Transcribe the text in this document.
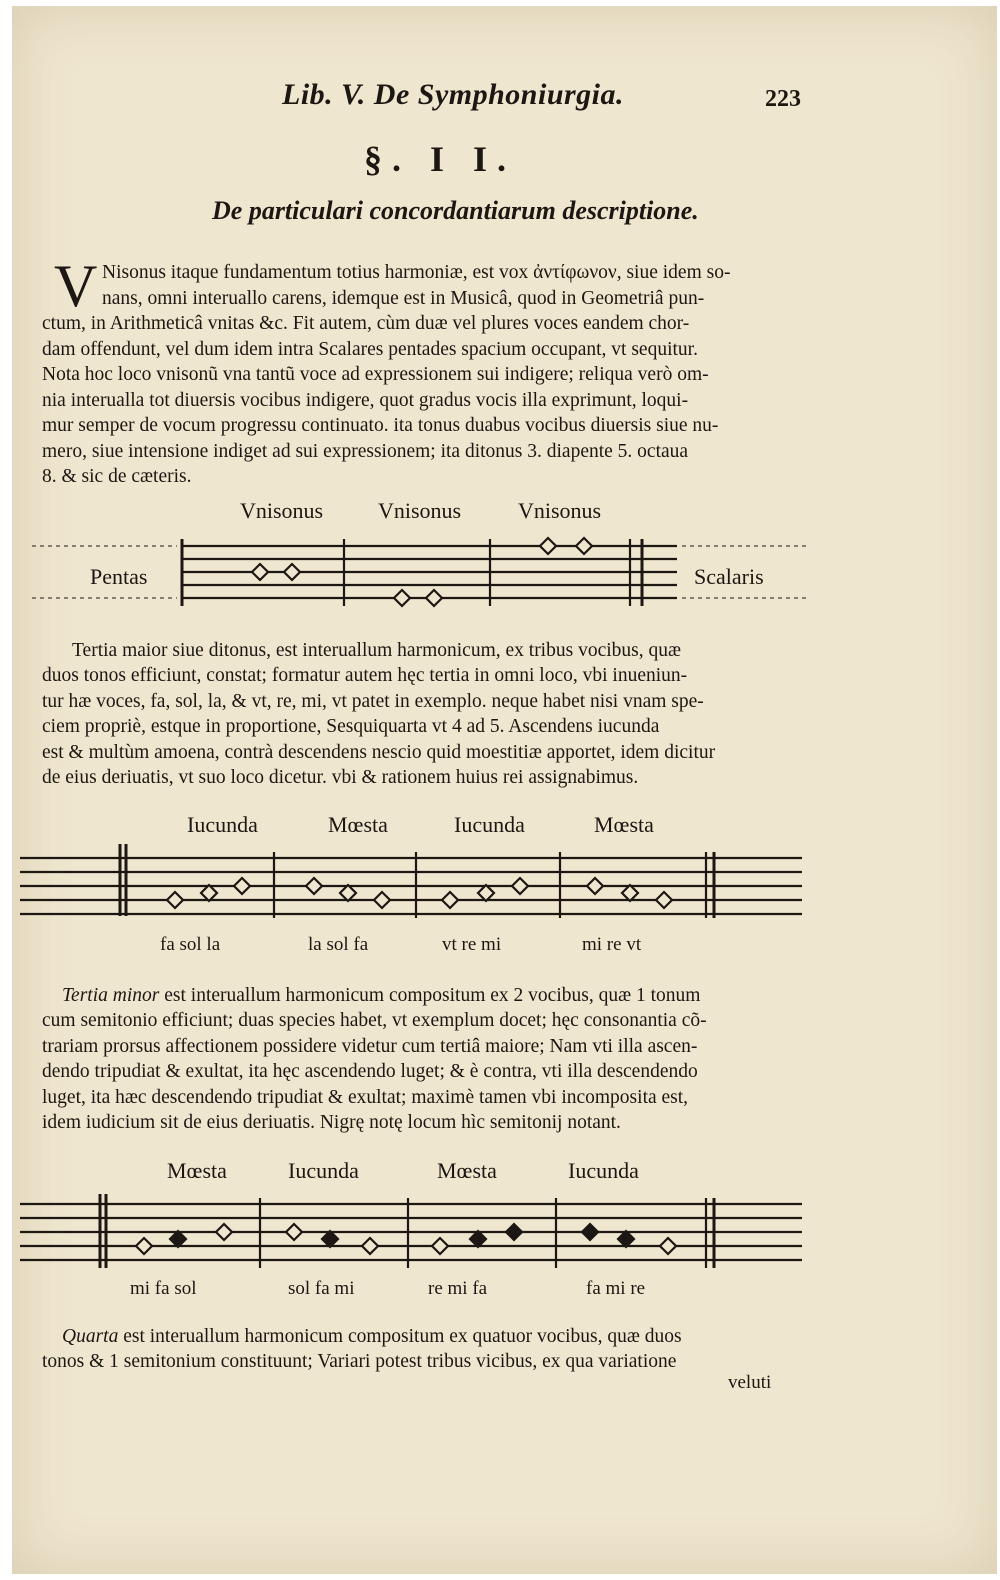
Lib. V. De Symphoniurgia.	223
§. I I.
De particulari concordantiarum descriptione.
V Nisonus itaque fundamentum totius harmoniæ, est vox ἀντίφωνον, siue idem so-
nans, omni interuallo carens, idemque est in Musicâ, quod in Geometriâ pun-
ctum, in Arithmeticâ vnitas &c. Fit autem, cùm duæ vel plures voces eandem chor-
dam offendunt, vel dum idem intra Scalares pentades spacium occupant, vt sequitur.
Nota hoc loco vnisonũ vna tantũ voce ad expressionem sui indigere; reliqua verò om-
nia interualla tot diuersis vocibus indigere, quot gradus vocis illa exprimunt, loqui-
mur semper de vocum progressu continuato. ita tonus duabus vocibus diuersis siue nu-
mero, siue intensione indiget ad sui expressionem; ita ditonus 3. diapente 5. octaua
8. & sic de cæteris.
Vnisonus Vnisonus	Vnisonus
Pentas	Scalaris
Tertia maior siue ditonus, est interuallum harmonicum, ex tribus vocibus, quæ
duos tonos efficiunt, constat; formatur autem hęc tertia in omni loco, vbi inueniun-
tur hæ voces, fa, sol, la, & vt, re, mi, vt patet in exemplo. neque habet nisi vnam spe-
ciem propriè, estque in proportione, Sesquiquarta vt 4 ad 5. Ascendens iucunda
est & multùm amoena, contrà descendens nescio quid moestitiæ apportet, idem dicitur
de eius deriuatis, vt suo loco dicetur. vbi & rationem huius rei assignabimus.
Iucunda	Mœsta	Iucunda	Mœsta
fa sol la	la sol fa	vt re mi	mi re vt
Tertia minor est interuallum harmonicum compositum ex 2 vocibus, quæ 1 tonum
cum semitonio efficiunt; duas species habet, vt exemplum docet; hęc consonantia cõ-
trariam prorsus affectionem possidere videtur cum tertiâ maiore; Nam vti illa ascen-
dendo tripudiat & exultat, ita hęc ascendendo luget; & è contra, vti illa descendendo
luget, ita hæc descendendo tripudiat & exultat; maximè tamen vbi incomposita est,
idem iudicium sit de eius deriuatis. Nigrę notę locum hìc semitonij notant.
Mœsta	Iucunda	Mœsta	Iucunda
mi fa sol	sol fa mi	re mi fa	fa mi re
Quarta est interuallum harmonicum compositum ex quatuor vocibus, quæ duos
tonos & 1 semitonium constituunt; Variari potest tribus vicibus, ex qua variatione
veluti
